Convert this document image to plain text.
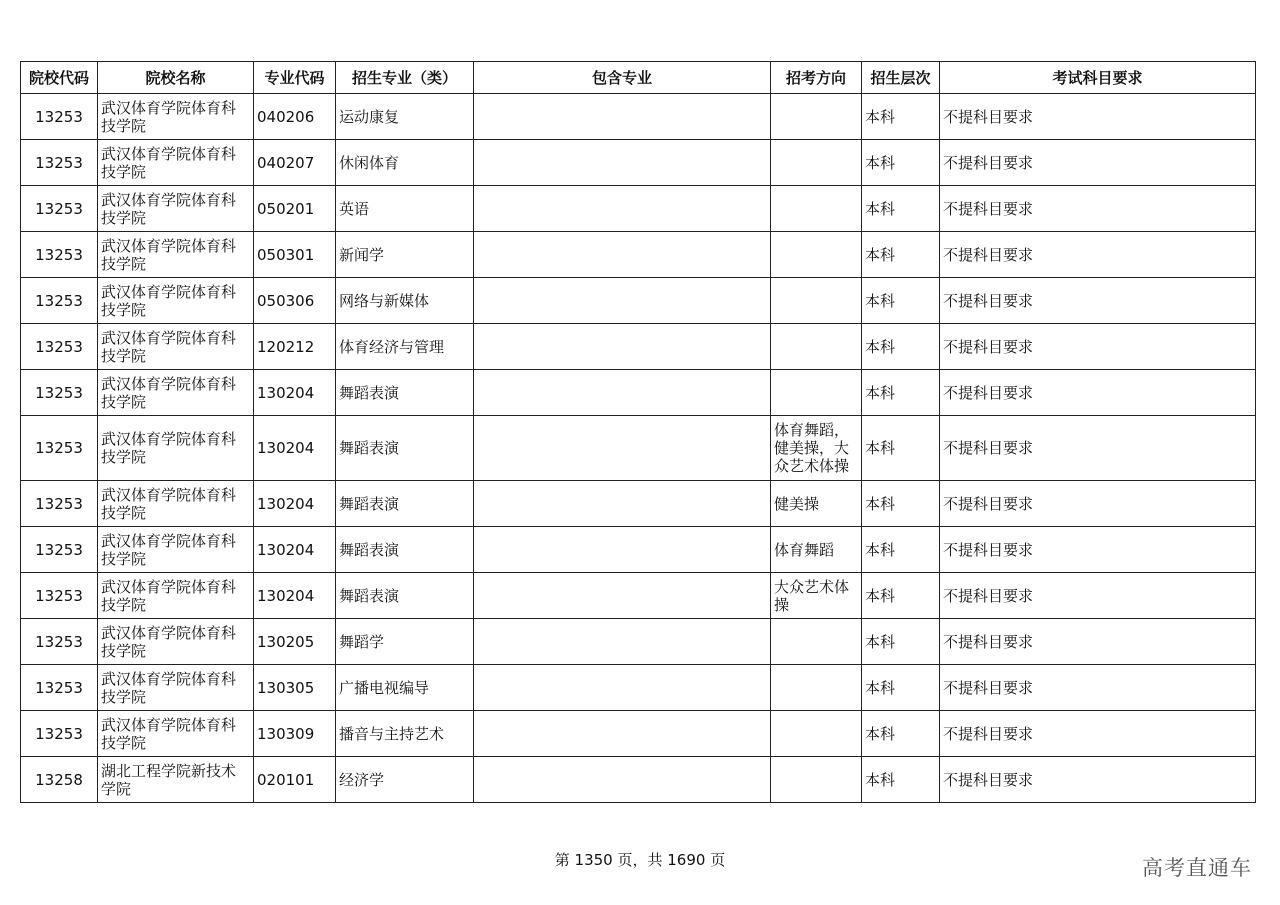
院校代码	院校名称	专业代码	招生专业（类）	包含专业	招考方向	招生层次	考试科目要求
13253	武汉体育学院体育科技学院	040206	运动康复			本科	不提科目要求
13253	武汉体育学院体育科技学院	040207	休闲体育			本科	不提科目要求
13253	武汉体育学院体育科技学院	050201	英语			本科	不提科目要求
13253	武汉体育学院体育科技学院	050301	新闻学			本科	不提科目要求
13253	武汉体育学院体育科技学院	050306	网络与新媒体			本科	不提科目要求
13253	武汉体育学院体育科技学院	120212	体育经济与管理			本科	不提科目要求
13253	武汉体育学院体育科技学院	130204	舞蹈表演			本科	不提科目要求
13253	武汉体育学院体育科技学院	130204	舞蹈表演		体育舞蹈，健美操，大众艺术体操	本科	不提科目要求
13253	武汉体育学院体育科技学院	130204	舞蹈表演		健美操	本科	不提科目要求
13253	武汉体育学院体育科技学院	130204	舞蹈表演		体育舞蹈	本科	不提科目要求
13253	武汉体育学院体育科技学院	130204	舞蹈表演		大众艺术体操	本科	不提科目要求
13253	武汉体育学院体育科技学院	130205	舞蹈学			本科	不提科目要求
13253	武汉体育学院体育科技学院	130305	广播电视编导			本科	不提科目要求
13253	武汉体育学院体育科技学院	130309	播音与主持艺术			本科	不提科目要求
13258	湖北工程学院新技术学院	020101	经济学			本科	不提科目要求
第 1350 页，共 1690 页	高考直通车
